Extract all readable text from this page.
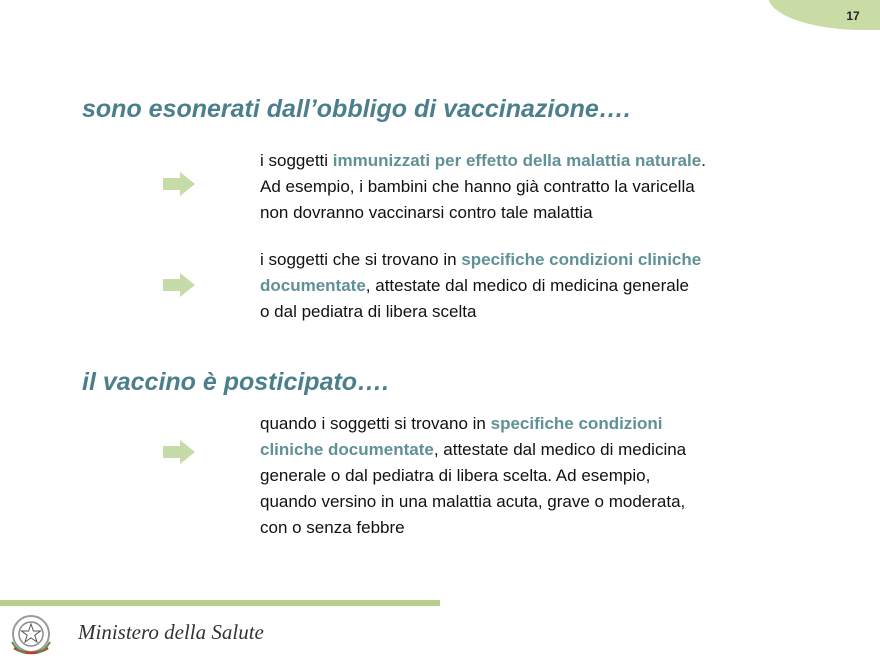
17
sono esonerati dall’obbligo di vaccinazione….
i soggetti immunizzati per effetto della malattia naturale.
Ad esempio, i bambini che hanno già contratto la varicella
non dovranno vaccinarsi contro tale malattia
i soggetti che si trovano in specifiche condizioni cliniche
documentate, attestate dal medico di medicina generale
o dal pediatra di libera scelta
il vaccino è posticipato….
quando i soggetti si trovano in specifiche condizioni
cliniche documentate, attestate dal medico di medicina
generale o dal pediatra di libera scelta. Ad esempio,
quando versino in una malattia acuta, grave o moderata,
con o senza febbre
Ministero della Salute
